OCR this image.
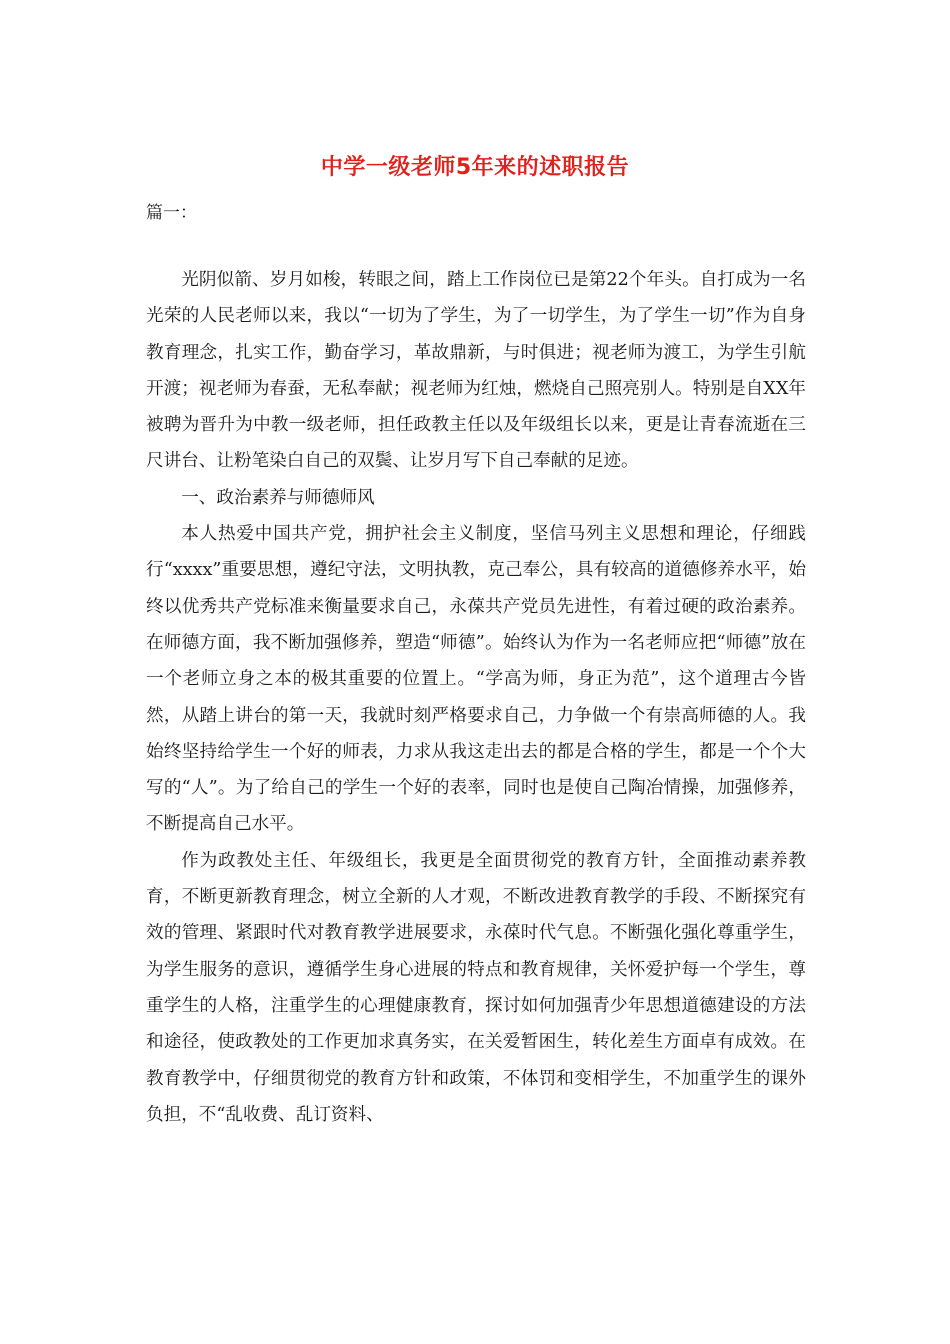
中学一级老师5年来的述职报告
篇一：

光阴似箭、岁月如梭，转眼之间，踏上工作岗位已是第22个年头。自打成为一名光荣的人民老师以来，我以“一切为了学生，为了一切学生，为了学生一切”作为自身教育理念，扎实工作，勤奋学习，革故鼎新，与时俱进；视老师为渡工，为学生引航开渡；视老师为春蚕，无私奉献；视老师为红烛，燃烧自己照亮别人。特别是自XX年被聘为晋升为中教一级老师，担任政教主任以及年级组长以来，更是让青春流逝在三尺讲台、让粉笔染白自己的双鬓、让岁月写下自己奉献的足迹。

一、政治素养与师德师风

本人热爱中国共产党，拥护社会主义制度，坚信马列主义思想和理论，仔细践行“xxxx”重要思想，遵纪守法，文明执教，克己奉公，具有较高的道德修养水平，始终以优秀共产党标准来衡量要求自己，永葆共产党员先进性，有着过硬的政治素养。在师德方面，我不断加强修养，塑造“师德”。始终认为作为一名老师应把“师德”放在一个老师立身之本的极其重要的位置上。“学高为师，身正为范”，这个道理古今皆然，从踏上讲台的第一天，我就时刻严格要求自己，力争做一个有崇高师德的人。我始终坚持给学生一个好的师表，力求从我这走出去的都是合格的学生，都是一个个大写的“人”。为了给自己的学生一个好的表率，同时也是使自己陶冶情操，加强修养，不断提高自己水平。

作为政教处主任、年级组长，我更是全面贯彻党的教育方针，全面推动素养教育，不断更新教育理念，树立全新的人才观，不断改进教育教学的手段、不断探究有效的管理、紧跟时代对教育教学进展要求，永葆时代气息。不断强化强化尊重学生，为学生服务的意识，遵循学生身心进展的特点和教育规律，关怀爱护每一个学生，尊重学生的人格，注重学生的心理健康教育，探讨如何加强青少年思想道德建设的方法和途径，使政教处的工作更加求真务实，在关爱暂困生，转化差生方面卓有成效。在教育教学中，仔细贯彻党的教育方针和政策，不体罚和变相学生，不加重学生的课外负担，不“乱收费、乱订资料、
